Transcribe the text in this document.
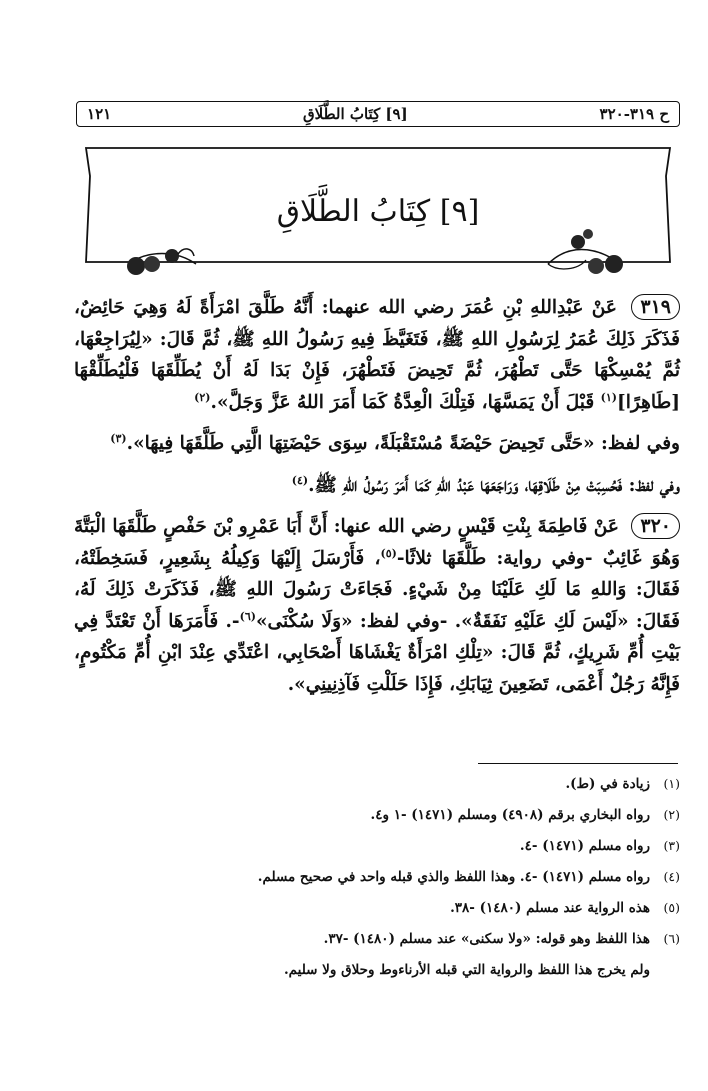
ح ٣١٩-٣٢٠
[٩] كِتَابُ الطَّلَاقِ
١٢١
[٩] كِتَابُ الطَّلَاقِ

٣١٩ عَنْ عَبْدِاللهِ بْنِ عُمَرَ رضي الله عنهما: أَنَّهُ طَلَّقَ امْرَأَةً لَهُ وَهِيَ حَائِضٌ، فَذَكَرَ ذَلِكَ عُمَرُ لِرَسُولِ اللهِ ﷺ، فَتَغَيَّظَ فِيهِ رَسُولُ اللهِ ﷺ، ثُمَّ قَالَ: «لِيُرَاجِعْهَا، ثُمَّ يُمْسِكْهَا حَتَّى تَطْهُرَ، ثُمَّ تَحِيضَ فَتَطْهُرَ، فَإِنْ بَدَا لَهُ أَنْ يُطَلِّقَهَا فَلْيُطَلِّقْهَا [طَاهِرًا]$^{(١)}$ قَبْلَ أَنْ يَمَسَّهَا، فَتِلْكَ الْعِدَّةُ كَمَا أَمَرَ اللهُ عَزَّ وَجَلَّ».$^{(٢)}$

وفي لفظ: «حَتَّى تَحِيضَ حَيْضَةً مُسْتَقْبَلَةً، سِوَى حَيْضَتِهَا الَّتِي طَلَّقَهَا فِيهَا».$^{(٣)}$

وفي لفظ: فَحُسِبَتْ مِنْ طَلَاقِهَا، وَرَاجَعَهَا عَبْدُ اللهِ كَمَا أَمَرَ رَسُولُ اللهِ ﷺ.$^{(٤)}$

٣٢٠ عَنْ فَاطِمَةَ بِنْتِ قَيْسٍ رضي الله عنها: أَنَّ أَبَا عَمْرِو بْنَ حَفْصٍ طَلَّقَهَا الْبَتَّةَ وَهُوَ غَائِبٌ -وفي رواية: طَلَّقَهَا ثلاثًا-$^{(٥)}$، فَأَرْسَلَ إِلَيْهَا وَكِيلُهُ بِشَعِيرٍ، فَسَخِطَتْهُ، فَقَالَ: وَاللهِ مَا لَكِ عَلَيْنَا مِنْ شَيْءٍ. فَجَاءَتْ رَسُولَ اللهِ ﷺ، فَذَكَرَتْ ذَلِكَ لَهُ، فَقَالَ: «لَيْسَ لَكِ عَلَيْهِ نَفَقَةٌ». -وفي لفظ: «وَلَا سُكْنَى»$^{(٦)}$-. فَأَمَرَهَا أَنْ تَعْتَدَّ فِي بَيْتِ أُمِّ شَرِيكٍ، ثُمَّ قَالَ: «تِلْكِ امْرَأَةٌ يَغْشَاهَا أَصْحَابِي، اعْتَدِّي عِنْدَ ابْنِ أُمِّ مَكْتُومٍ، فَإِنَّهُ رَجُلٌ أَعْمَى، تَضَعِينَ ثِيَابَكِ، فَإِذَا حَلَلْتِ فَآذِنِينِي».

(١)
زيادة في (ط).
(٢)
رواه البخاري برقم (٤٩٠٨) ومسلم (١٤٧١) -١ و٤.
(٣)
رواه مسلم (١٤٧١) -٤.
(٤)
رواه مسلم (١٤٧١) -٤. وهذا اللفظ والذي قبله واحد في صحيح مسلم.
(٥)
هذه الرواية عند مسلم (١٤٨٠) -٣٨.
(٦)
هذا اللفظ وهو قوله: «ولا سكنى» عند مسلم (١٤٨٠) -٣٧.
ولم يخرج هذا اللفظ والرواية التي قبله الأرناءوط وحلاق ولا سليم.
